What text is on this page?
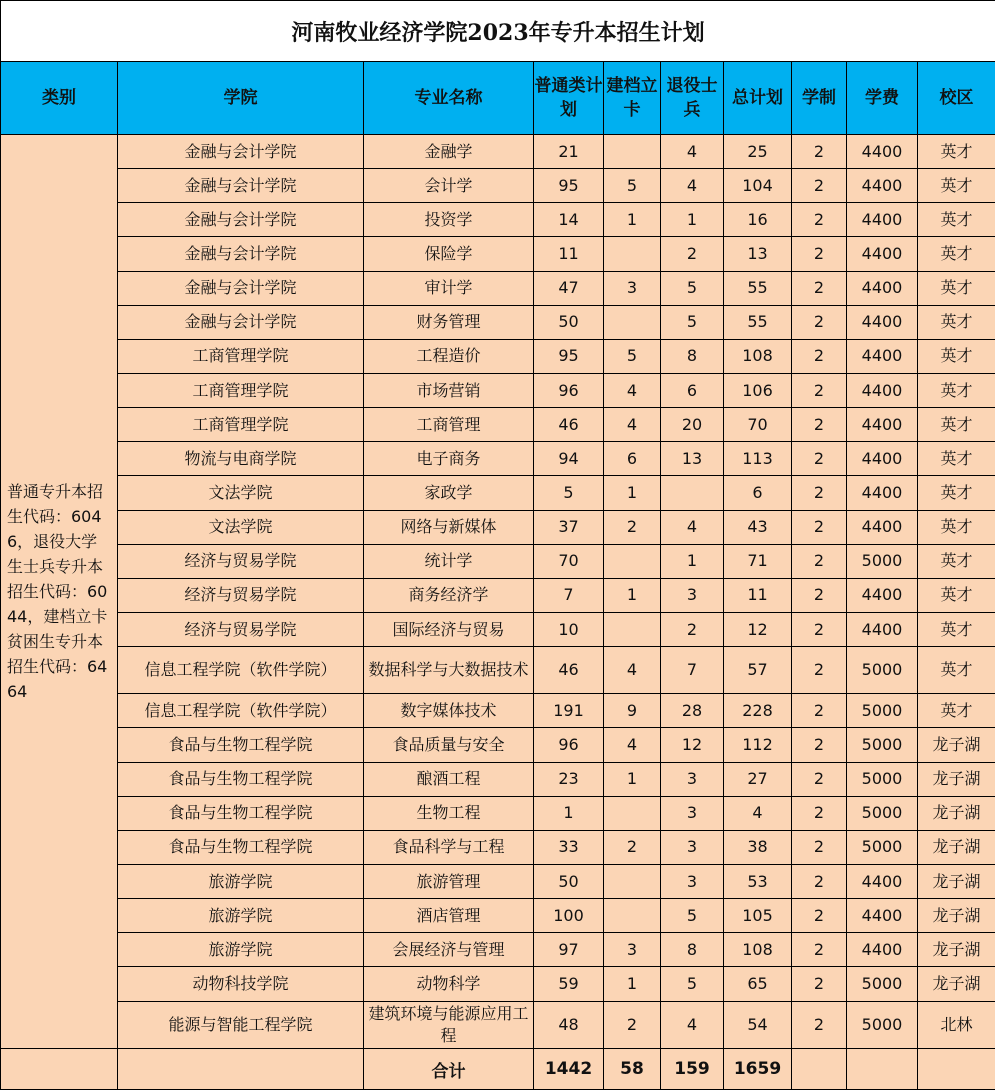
河南牧业经济学院2023年专升本招生计划									
类别	学院	专业名称	普通类计划	建档立卡	退役士兵	总计划	学制	学费	校区
普通专升本招生代码：6046，退役大学生士兵专升本招生代码：6044，建档立卡贫困生专升本招生代码：6464	金融与会计学院	金融学	21		4	25	2	4400	英才
	金融与会计学院	会计学	95	5	4	104	2	4400	英才
	金融与会计学院	投资学	14	1	1	16	2	4400	英才
	金融与会计学院	保险学	11		2	13	2	4400	英才
	金融与会计学院	审计学	47	3	5	55	2	4400	英才
	金融与会计学院	财务管理	50		5	55	2	4400	英才
	工商管理学院	工程造价	95	5	8	108	2	4400	英才
	工商管理学院	市场营销	96	4	6	106	2	4400	英才
	工商管理学院	工商管理	46	4	20	70	2	4400	英才
	物流与电商学院	电子商务	94	6	13	113	2	4400	英才
	文法学院	家政学	5	1		6	2	4400	英才
	文法学院	网络与新媒体	37	2	4	43	2	4400	英才
	经济与贸易学院	统计学	70		1	71	2	5000	英才
	经济与贸易学院	商务经济学	7	1	3	11	2	4400	英才
	经济与贸易学院	国际经济与贸易	10		2	12	2	4400	英才
	信息工程学院（软件学院）	数据科学与大数据技术	46	4	7	57	2	5000	英才
	信息工程学院（软件学院）	数字媒体技术	191	9	28	228	2	5000	英才
	食品与生物工程学院	食品质量与安全	96	4	12	112	2	5000	龙子湖
	食品与生物工程学院	酿酒工程	23	1	3	27	2	5000	龙子湖
	食品与生物工程学院	生物工程	1		3	4	2	5000	龙子湖
	食品与生物工程学院	食品科学与工程	33	2	3	38	2	5000	龙子湖
	旅游学院	旅游管理	50		3	53	2	4400	龙子湖
	旅游学院	酒店管理	100		5	105	2	4400	龙子湖
	旅游学院	会展经济与管理	97	3	8	108	2	4400	龙子湖
	动物科技学院	动物科学	59	1	5	65	2	5000	龙子湖
	能源与智能工程学院	建筑环境与能源应用工程	48	2	4	54	2	5000	北林
		合计	1442	58	159	1659			
